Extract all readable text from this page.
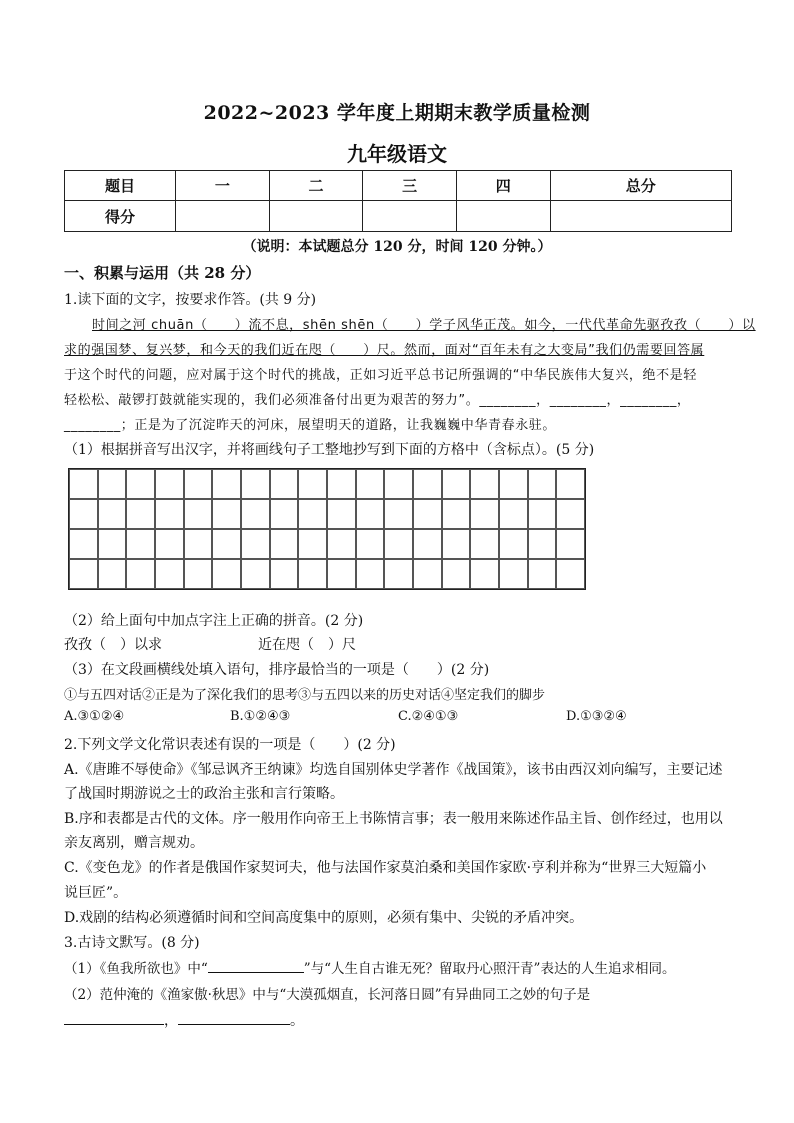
2022~2023 学年度上期期末教学质量检测
九年级语文
题目	一	二	三	四	总分
得分					
（说明：本试题总分 120 分，时间 120 分钟。）
一、积累与运用（共 28 分）
1.读下面的文字，按要求作答。(共 9 分)
时间之河 chuān（　　）流不息，shēn shēn（　　）学子风华正茂。如今，一代代革命先驱孜孜（　　）以
求的强国梦、复兴梦，和今天的我们近在咫（　　）尺。然而，面对“百年未有之大变局”我们仍需要回答属
于这个时代的问题，应对属于这个时代的挑战，正如习近平总书记所强调的“中华民族伟大复兴，绝不是轻
轻松松、敲锣打鼓就能实现的，我们必须准备付出更为艰苦的努力”。________，________，________，
________；正是为了沉淀昨天的河床，展望明天的道路，让我巍巍中华青春永驻。
（1）根据拼音写出汉字，并将画线句子工整地抄写到下面的方格中（含标点）。(5 分)
（2）给上面句中加点字注上正确的拼音。(2 分)
孜孜（　）以求	近在咫（　）尺
（3）在文段画横线处填入语句，排序最恰当的一项是（　　）(2 分)
①与五四对话②正是为了深化我们的思考③与五四以来的历史对话④坚定我们的脚步
A.③①②④	B.①②④③	C.②④①③	D.①③②④
2.下列文学文化常识表述有误的一项是（　　）(2 分)
A.《唐雎不辱使命》《邹忌讽齐王纳谏》均选自国别体史学著作《战国策》，该书由西汉刘向编写，主要记述
了战国时期游说之士的政治主张和言行策略。
B.序和表都是古代的文体。序一般用作向帝王上书陈情言事；表一般用来陈述作品主旨、创作经过，也用以
亲友离别，赠言规劝。
C.《变色龙》的作者是俄国作家契诃夫，他与法国作家莫泊桑和美国作家欧·亨利并称为“世界三大短篇小
说巨匠”。
D.戏剧的结构必须遵循时间和空间高度集中的原则，必须有集中、尖锐的矛盾冲突。
3.古诗文默写。(8 分)
（1）《鱼我所欲也》中“	”与“人生自古谁无死？留取丹心照汗青”表达的人生追求相同。
（2）范仲淹的《渔家傲·秋思》中与“大漠孤烟直，长河落日圆”有异曲同工之妙的句子是
，	。
